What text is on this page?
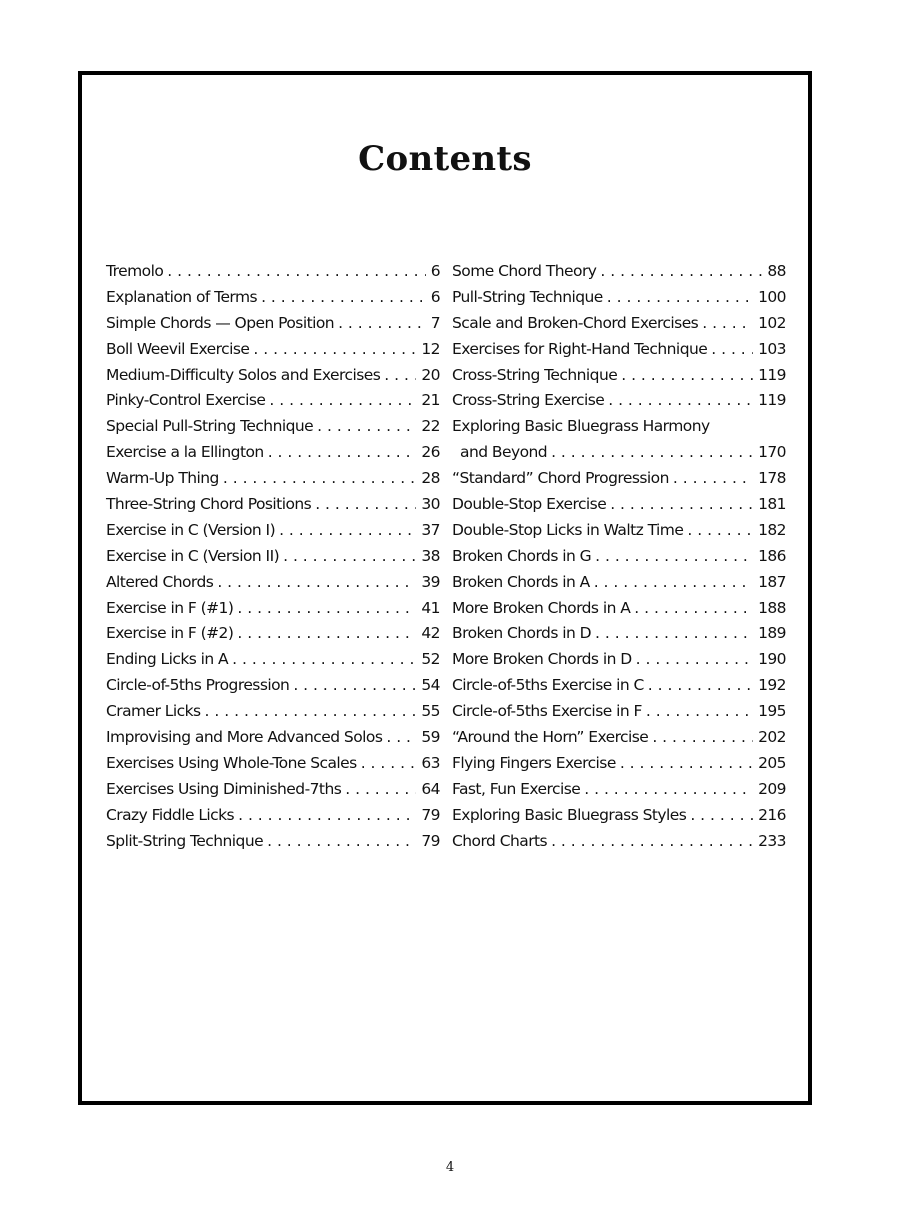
Contents
Tremolo . . .	6
Explanation of Terms . . .	6
Simple Chords — Open Position . . .	7
Boll Weevil Exercise . . .	12
Medium-Difficulty Solos and Exercises . . .	20
Pinky-Control Exercise . . .	21
Special Pull-String Technique . . .	22
Exercise a la Ellington . . .	26
Warm-Up Thing . . .	28
Three-String Chord Positions . . .	30
Exercise in C (Version I) . . .	37
Exercise in C (Version II) . . .	38
Altered Chords . . .	39
Exercise in F (#1) . . .	41
Exercise in F (#2) . . .	42
Ending Licks in A . . .	52
Circle-of-5ths Progression . . .	54
Cramer Licks . . .	55
Improvising and More Advanced Solos . . .	59
Exercises Using Whole-Tone Scales . . .	63
Exercises Using Diminished-7ths . . .	64
Crazy Fiddle Licks . . .	79
Split-String Technique . . .	79
Some Chord Theory . . .	88
Pull-String Technique . . .	100
Scale and Broken-Chord Exercises . . .	102
Exercises for Right-Hand Technique . . .	103
Cross-String Technique . . .	119
Cross-String Exercise . . .	119
Exploring Basic Bluegrass Harmony
and Beyond . . .	170
“Standard” Chord Progression . . .	178
Double-Stop Exercise . . .	181
Double-Stop Licks in Waltz Time . . .	182
Broken Chords in G . . .	186
Broken Chords in A . . .	187
More Broken Chords in A . . .	188
Broken Chords in D . . .	189
More Broken Chords in D . . .	190
Circle-of-5ths Exercise in C . . .	192
Circle-of-5ths Exercise in F . . .	195
“Around the Horn” Exercise . . .	202
Flying Fingers Exercise . . .	205
Fast, Fun Exercise . . .	209
Exploring Basic Bluegrass Styles . . .	216
Chord Charts . . .	233
4
